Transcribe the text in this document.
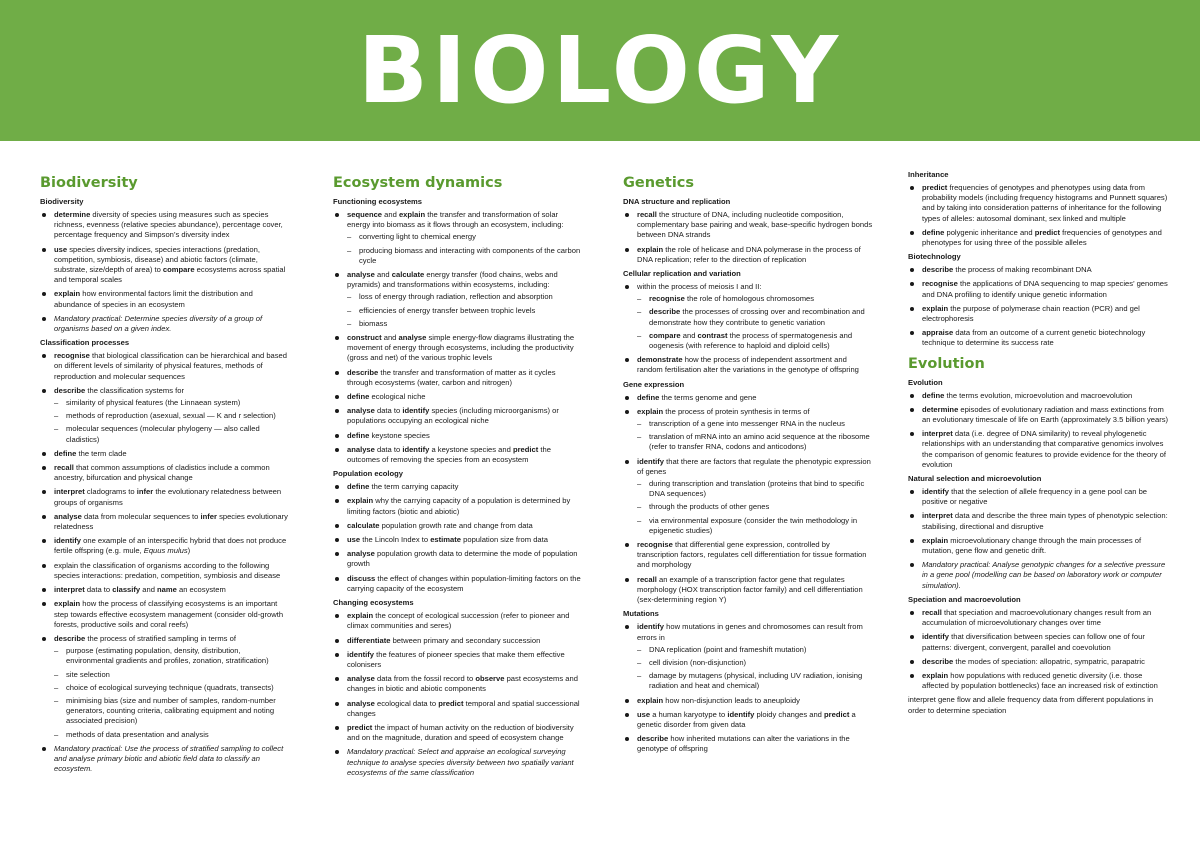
BIOLOGY
Biodiversity
Biodiversity
determine diversity of species using measures such as species richness, evenness (relative species abundance), percentage cover, percentage frequency and Simpson’s diversity index
use species diversity indices, species interactions (predation, competition, symbiosis, disease) and abiotic factors (climate, substrate, size/depth of area) to compare ecosystems across spatial and temporal scales
explain how environmental factors limit the distribution and abundance of species in an ecosystem
Mandatory practical: Determine species diversity of a group of organisms based on a given index.
Classification processes
recognise that biological classification can be hierarchical and based on different levels of similarity of physical features, methods of reproduction and molecular sequences
describe the classification systems for
– similarity of physical features (the Linnaean system)
– methods of reproduction (asexual, sexual — K and r selection)
– molecular sequences (molecular phylogeny — also called cladistics)
define the term clade
recall that common assumptions of cladistics include a common ancestry, bifurcation and physical change
interpret cladograms to infer the evolutionary relatedness between groups of organisms
analyse data from molecular sequences to infer species evolutionary relatedness
identify one example of an interspecific hybrid that does not produce fertile offspring (e.g. mule, Equus mulus)
explain the classification of organisms according to the following species interactions: predation, competition, symbiosis and disease
interpret data to classify and name an ecosystem
explain how the process of classifying ecosystems is an important step towards effective ecosystem management (consider old-growth forests, productive soils and coral reefs)
describe the process of stratified sampling in terms of
– purpose (estimating population, density, distribution, environmental gradients and profiles, zonation, stratification)
– site selection
– choice of ecological surveying technique (quadrats, transects)
– minimising bias (size and number of samples, random-number generators, counting criteria, calibrating equipment and noting associated precision)
– methods of data presentation and analysis
Mandatory practical: Use the process of stratified sampling to collect and analyse primary biotic and abiotic field data to classify an ecosystem.
Ecosystem dynamics
Functioning ecosystems
sequence and explain the transfer and transformation of solar energy into biomass as it flows through an ecosystem, including:
– converting light to chemical energy
– producing biomass and interacting with components of the carbon cycle
analyse and calculate energy transfer (food chains, webs and pyramids) and transformations within ecosystems, including:
– loss of energy through radiation, reflection and absorption
– efficiencies of energy transfer between trophic levels
– biomass
construct and analyse simple energy-flow diagrams illustrating the movement of energy through ecosystems, including the productivity (gross and net) of the various trophic levels
describe the transfer and transformation of matter as it cycles through ecosystems (water, carbon and nitrogen)
define ecological niche
analyse data to identify species (including microorganisms) or populations occupying an ecological niche
define keystone species
analyse data to identify a keystone species and predict the outcomes of removing the species from an ecosystem
Population ecology
define the term carrying capacity
explain why the carrying capacity of a population is determined by limiting factors (biotic and abiotic)
calculate population growth rate and change from data
use the Lincoln Index to estimate population size from data
analyse population growth data to determine the mode of population growth
discuss the effect of changes within population-limiting factors on the carrying capacity of the ecosystem
Changing ecosystems
explain the concept of ecological succession (refer to pioneer and climax communities and seres)
differentiate between primary and secondary succession
identify the features of pioneer species that make them effective colonisers
analyse data from the fossil record to observe past ecosystems and changes in biotic and abiotic components
analyse ecological data to predict temporal and spatial successional changes
predict the impact of human activity on the reduction of biodiversity and on the magnitude, duration and speed of ecosystem change
Mandatory practical: Select and appraise an ecological surveying technique to analyse species diversity between two spatially variant ecosystems of the same classification
Genetics
DNA structure and replication
recall the structure of DNA, including nucleotide composition, complementary base pairing and weak, base-specific hydrogen bonds between DNA strands
explain the role of helicase and DNA polymerase in the process of DNA replication; refer to the direction of replication
Cellular replication and variation
within the process of meiosis I and II:
– recognise the role of homologous chromosomes
– describe the processes of crossing over and recombination and demonstrate how they contribute to genetic variation
– compare and contrast the process of spermatogenesis and oogenesis (with reference to haploid and diploid cells)
demonstrate how the process of independent assortment and random fertilisation alter the variations in the genotype of offspring
Gene expression
define the terms genome and gene
explain the process of protein synthesis in terms of
– transcription of a gene into messenger RNA in the nucleus
– translation of mRNA into an amino acid sequence at the ribosome (refer to transfer RNA, codons and anticodons)
identify that there are factors that regulate the phenotypic expression of genes
– during transcription and translation (proteins that bind to specific DNA sequences)
– through the products of other genes
– via environmental exposure (consider the twin methodology in epigenetic studies)
recognise that differential gene expression, controlled by transcription factors, regulates cell differentiation for tissue formation and morphology
recall an example of a transcription factor gene that regulates morphology (HOX transcription factor family) and cell differentiation (sex-determining region Y)
Mutations
identify how mutations in genes and chromosomes can result from errors in
– DNA replication (point and frameshift mutation)
– cell division (non-disjunction)
– damage by mutagens (physical, including UV radiation, ionising radiation and heat and chemical)
explain how non-disjunction leads to aneuploidy
use a human karyotype to identify ploidy changes and predict a genetic disorder from given data
describe how inherited mutations can alter the variations in the genotype of offspring
Inheritance
predict frequencies of genotypes and phenotypes using data from probability models (including frequency histograms and Punnett squares) and by taking into consideration patterns of inheritance for the following types of alleles: autosomal dominant, sex linked and multiple
define polygenic inheritance and predict frequencies of genotypes and phenotypes for using three of the possible alleles
Biotechnology
describe the process of making recombinant DNA
recognise the applications of DNA sequencing to map species’ genomes and DNA profiling to identify unique genetic information
explain the purpose of polymerase chain reaction (PCR) and gel electrophoresis
appraise data from an outcome of a current genetic biotechnology technique to determine its success rate
Evolution
Evolution
define the terms evolution, microevolution and macroevolution
determine episodes of evolutionary radiation and mass extinctions from an evolutionary timescale of life on Earth (approximately 3.5 billion years)
interpret data (i.e. degree of DNA similarity) to reveal phylogenetic relationships with an understanding that comparative genomics involves the comparison of genomic features to provide evidence for the theory of evolution
Natural selection and microevolution
identify that the selection of allele frequency in a gene pool can be positive or negative
interpret data and describe the three main types of phenotypic selection: stabilising, directional and disruptive
explain microevolutionary change through the main processes of mutation, gene flow and genetic drift.
Mandatory practical: Analyse genotypic changes for a selective pressure in a gene pool (modelling can be based on laboratory work or computer simulation).
Speciation and macroevolution
recall that speciation and macroevolutionary changes result from an accumulation of microevolutionary changes over time
identify that diversification between species can follow one of four patterns: divergent, convergent, parallel and coevolution
describe the modes of speciation: allopatric, sympatric, parapatric
explain how populations with reduced genetic diversity (i.e. those affected by population bottlenecks) face an increased risk of extinction
interpret gene flow and allele frequency data from different populations in order to determine speciation
